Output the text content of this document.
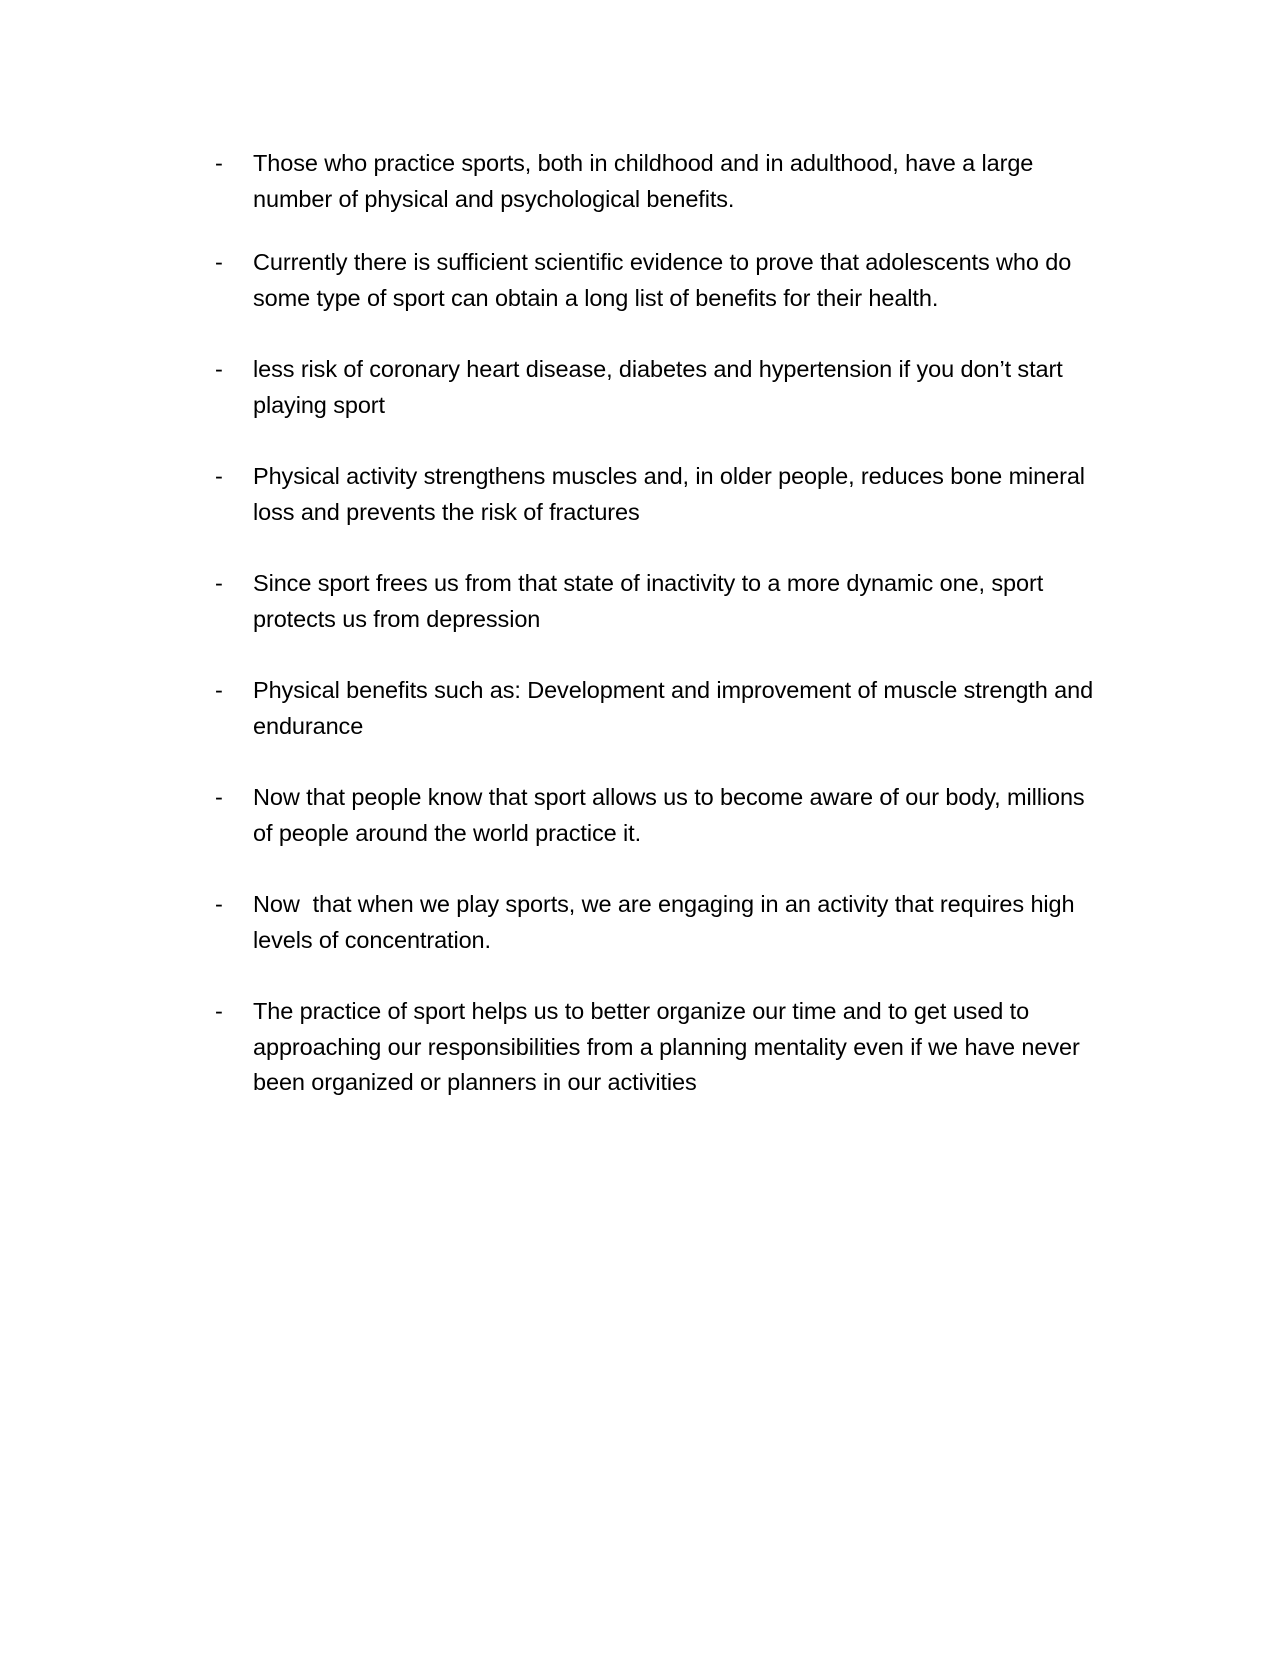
-	Those who practice sports, both in childhood and in adulthood, have a large number of physical and psychological benefits.
-	Currently there is sufficient scientific evidence to prove that adolescents who do some type of sport can obtain a long list of benefits for their health.
-	less risk of coronary heart disease, diabetes and hypertension if you don’t start playing sport
-	Physical activity strengthens muscles and, in older people, reduces bone mineral loss and prevents the risk of fractures
-	Since sport frees us from that state of inactivity to a more dynamic one, sport protects us from depression
-	Physical benefits such as: Development and improvement of muscle strength and endurance
-	Now that people know that sport allows us to become aware of our body, millions of people around the world practice it.
-	Now  that when we play sports, we are engaging in an activity that requires high levels of concentration.
-	The practice of sport helps us to better organize our time and to get used to approaching our responsibilities from a planning mentality even if we have never been organized or planners in our activities
